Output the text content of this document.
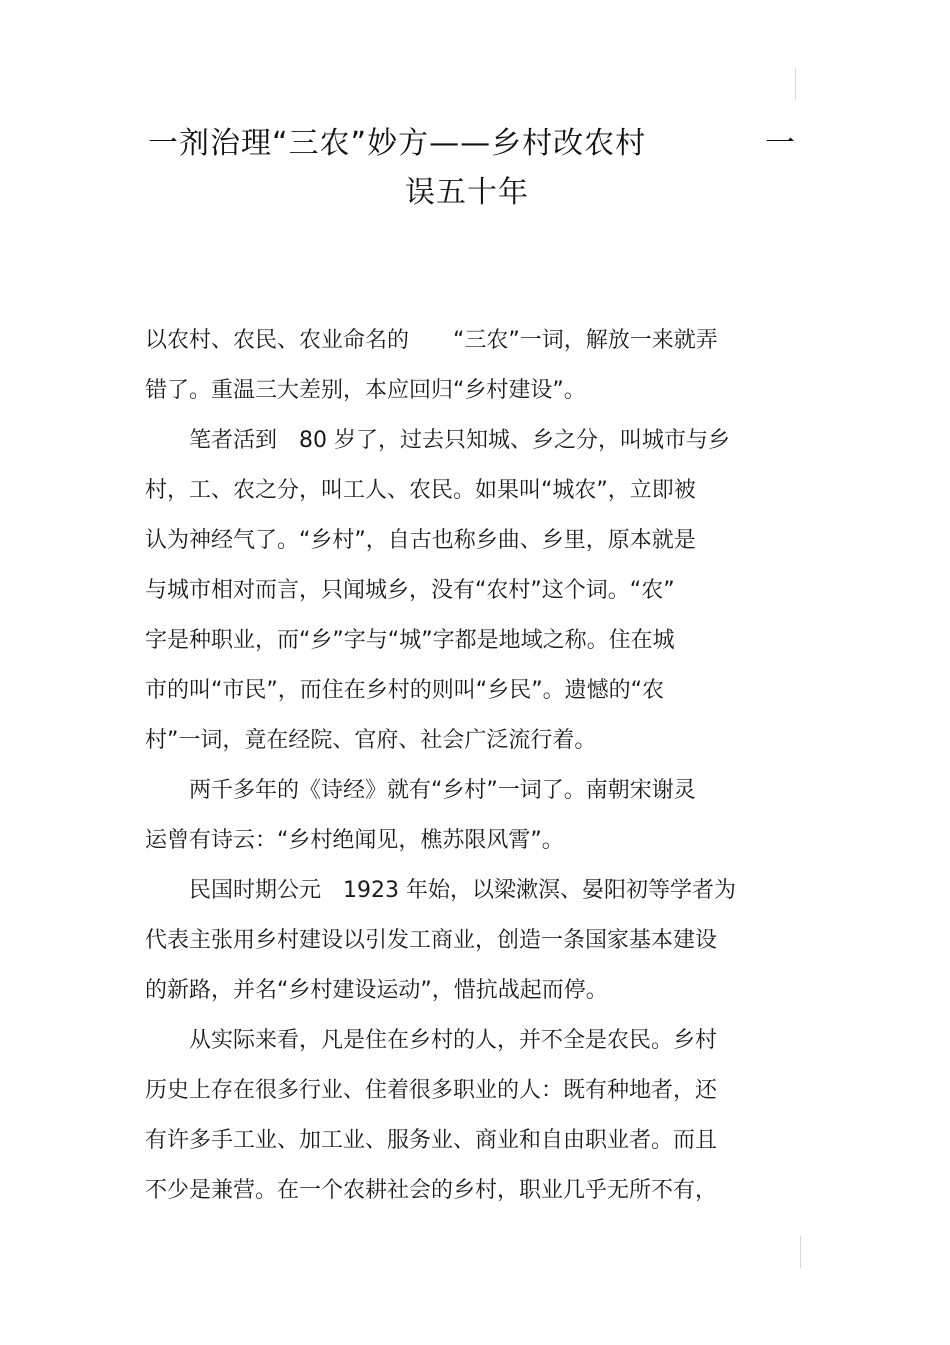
一剂治理“三农”妙方——乡村改农村	一
误五十年

以农村、农民、农业命名的　　“三农”一词，解放一来就弄

错了。重温三大差别，本应回归“乡村建设”。

　　笔者活到　80 岁了，过去只知城、乡之分，叫城市与乡

村，工、农之分，叫工人、农民。如果叫“城农”，立即被

认为神经气了。“乡村”，自古也称乡曲、乡里，原本就是

与城市相对而言，只闻城乡，没有“农村”这个词。“农”

字是种职业，而“乡”字与“城”字都是地域之称。住在城

市的叫“市民”，而住在乡村的则叫“乡民”。遗憾的“农

村”一词，竟在经院、官府、社会广泛流行着。

　　两千多年的《诗经》就有“乡村”一词了。南朝宋谢灵

运曾有诗云：“乡村绝闻见，樵苏限风霄”。

　　民国时期公元　1923 年始，以梁漱溟、晏阳初等学者为

代表主张用乡村建设以引发工商业，创造一条国家基本建设

的新路，并名“乡村建设运动”，惜抗战起而停。

　　从实际来看，凡是住在乡村的人，并不全是农民。乡村

历史上存在很多行业、住着很多职业的人：既有种地者，还

有许多手工业、加工业、服务业、商业和自由职业者。而且

不少是兼营。在一个农耕社会的乡村，职业几乎无所不有，
